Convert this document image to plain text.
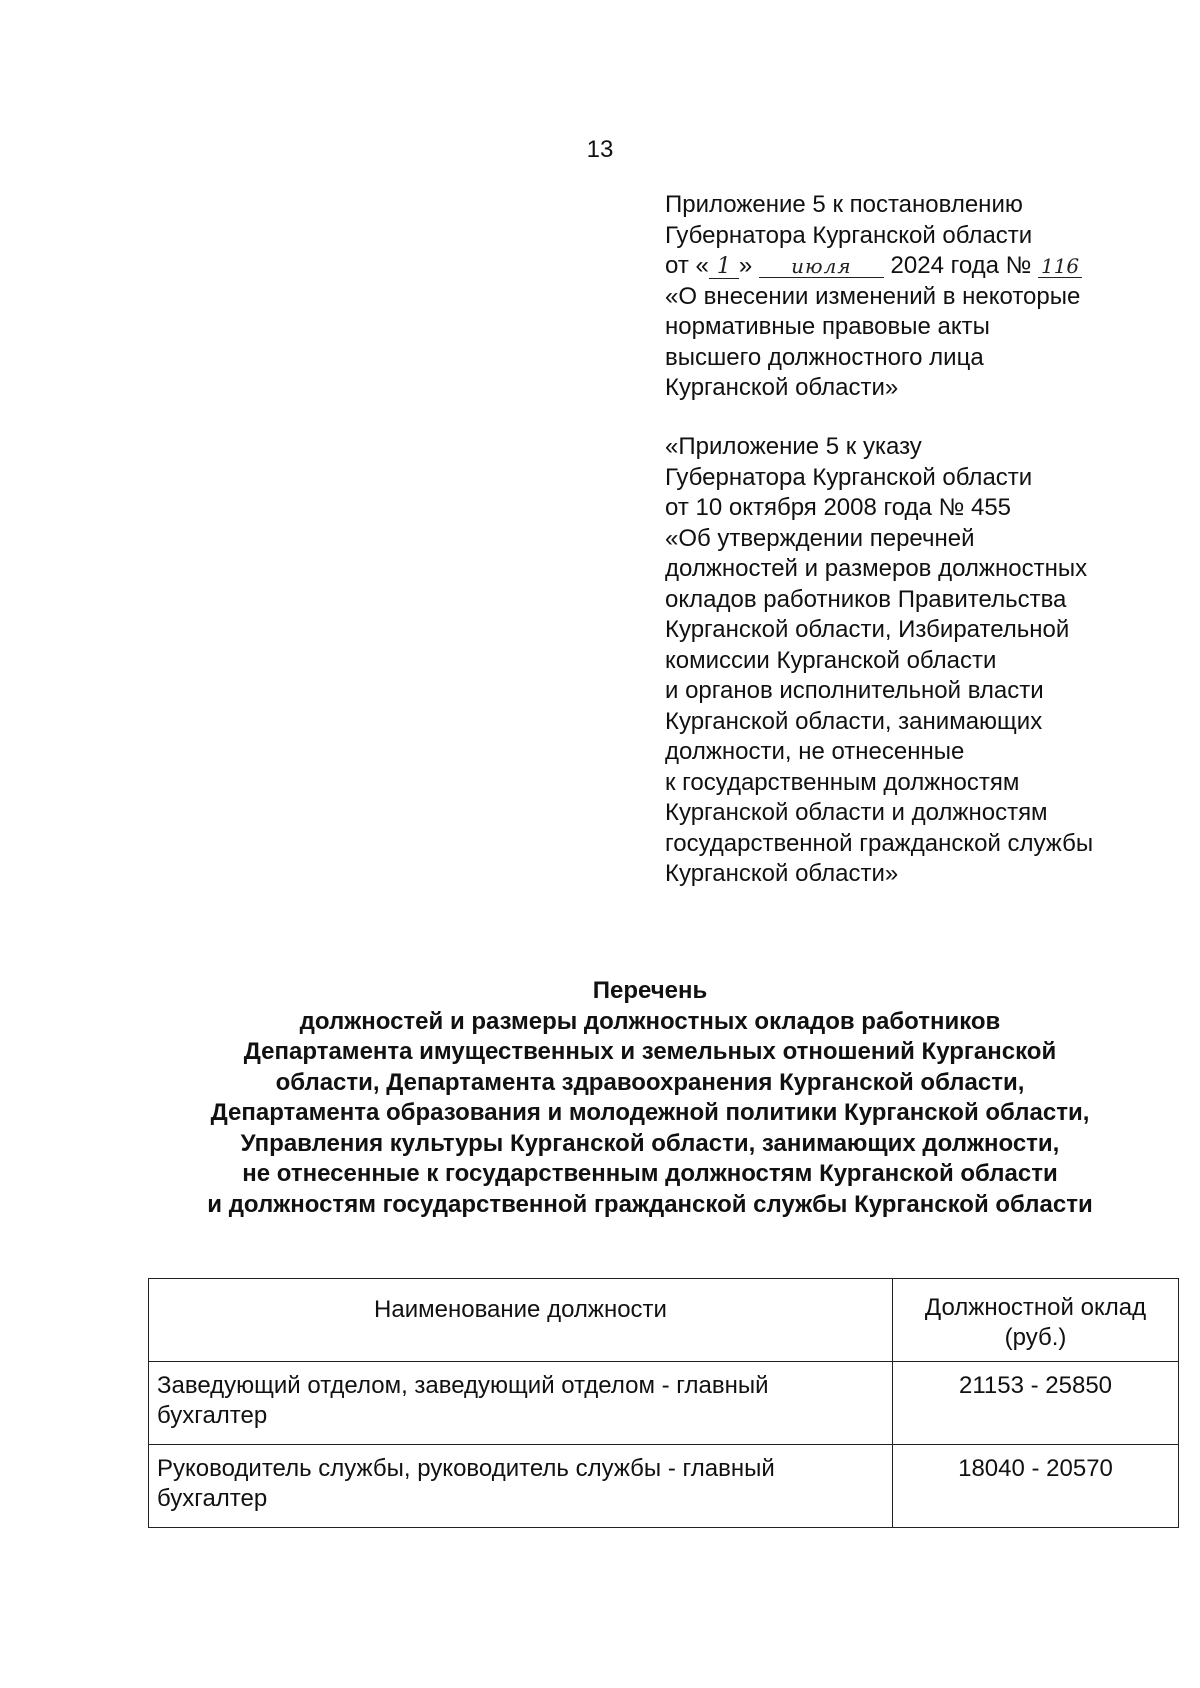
13
Приложение 5 к постановлению
Губернатора Курганской области
от « 1 » июля 2024 года № 116
«О внесении изменений в некоторые
нормативные правовые акты
высшего должностного лица
Курганской области»
«Приложение 5 к указу
Губернатора Курганской области
от 10 октября 2008 года № 455
«Об утверждении перечней
должностей и размеров должностных
окладов работников Правительства
Курганской области, Избирательной
комиссии Курганской области
и органов исполнительной власти
Курганской области, занимающих
должности, не отнесенные
к государственным должностям
Курганской области и должностям
государственной гражданской службы
Курганской области»
Перечень
должностей и размеры должностных окладов работников
Департамента имущественных и земельных отношений Курганской
области, Департамента здравоохранения Курганской области,
Департамента образования и молодежной политики Курганской области,
Управления культуры Курганской области, занимающих должности,
не отнесенные к государственным должностям Курганской области
и должностям государственной гражданской службы Курганской области
Наименование должности	Должностной оклад
(руб.)

Заведующий отделом, заведующий отделом - главный
бухгалтер	21153 - 25850

Руководитель службы, руководитель службы - главный
бухгалтер	18040 - 20570
